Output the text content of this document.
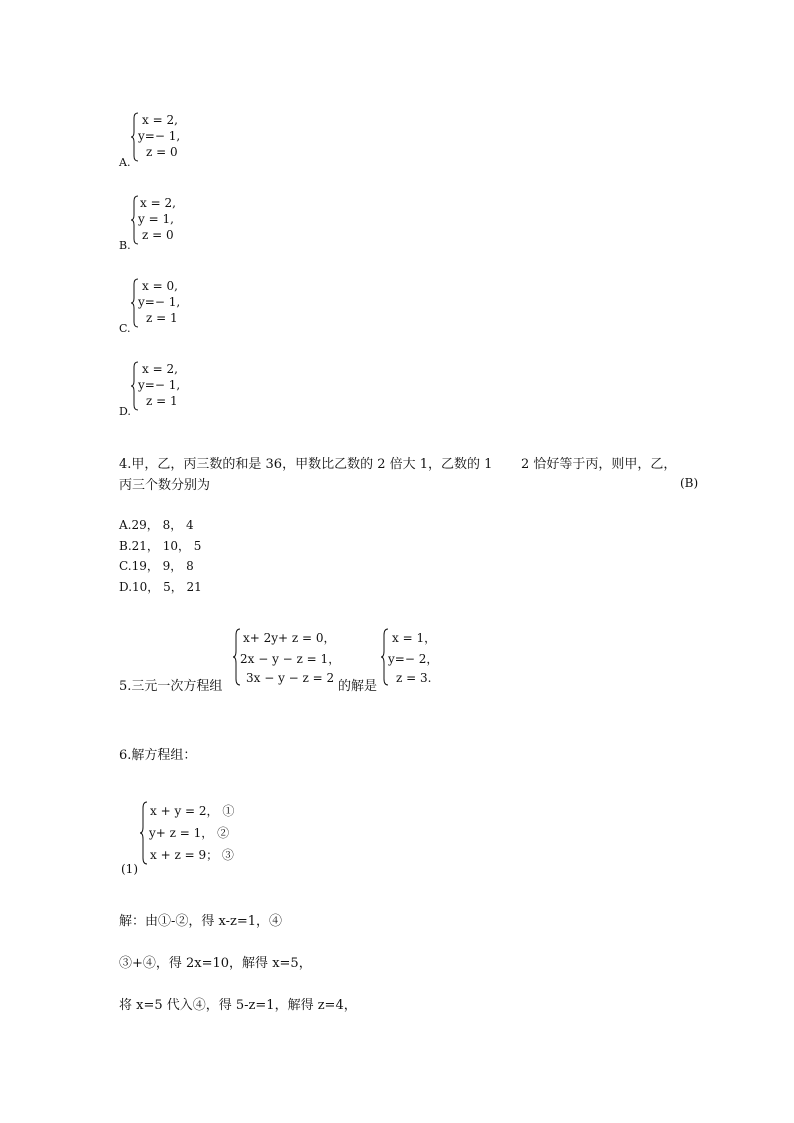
x = 2,
y=− 1,
z = 0
A.
x = 2,
y = 1,
z = 0
B.
x = 0,
y=− 1,
z = 1
C.
x = 2,
y=− 1,
z = 1
D.
4.甲，乙，丙三数的和是 36，甲数比乙数的 2 倍大 1，乙数的 1 2 恰好等于丙，则甲，乙，
丙三个数分别为	(B)
A.29， 8， 4
B.21， 10， 5
C.19， 9， 8
D.10， 5， 21
5.三元一次方程组
x+ 2y+ z = 0，
2x − y − z = 1，
3x − y − z = 2
的解是
x = 1，
y=− 2，
z = 3.
6.解方程组：
x + y = 2， ①
y+ z = 1， ②
x + z = 9； ③
(1)
解：由①-②，得 x-z=1，④
③+④，得 2x=10，解得 x=5，
将 x=5 代入④，得 5-z=1，解得 z=4，
